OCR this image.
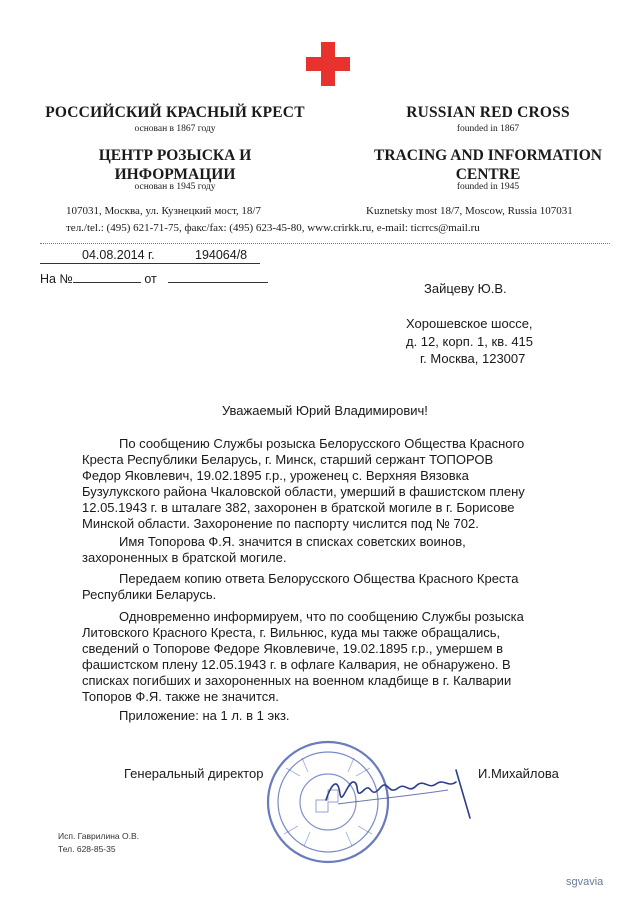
РОССИЙСКИЙ КРАСНЫЙ КРЕСТ
основан в 1867 году
ЦЕНТР РОЗЫСКА И
ИНФОРМАЦИИ
основан в 1945 году
107031, Москва, ул. Кузнецкий мост, 18/7
RUSSIAN RED CROSS
founded in 1867
TRACING AND INFORMATION
CENTRE
founded in 1945
Kuznetsky most 18/7, Moscow, Russia 107031
тел./tel.: (495) 621-71-75, факс/fax: (495) 623-45-80, www.crirkk.ru, e-mail: ticrrcs@mail.ru
04.08.2014 г.	194064/8
На №	от
Зайцеву Ю.В.
Хорошевское шоссе,
д. 12, корп. 1, кв. 415
г. Москва, 123007
Уважаемый Юрий Владимирович!
По сообщению Службы розыска Белорусского Общества Красного
Креста Республики Беларусь, г. Минск, старший сержант ТОПОРОВ
Федор Яковлевич, 19.02.1895 г.р., уроженец с. Верхняя Вязовка
Бузулукского района Чкаловской области, умерший в фашистском плену
12.05.1943 г. в шталаге 382, захоронен в братской могиле в г. Борисове
Минской области. Захоронение по паспорту числится под № 702.
Имя Топорова Ф.Я. значится в списках советских воинов,
захороненных в братской могиле.
Передаем копию ответа Белорусского Общества Красного Креста
Республики Беларусь.
Одновременно информируем, что по сообщению Службы розыска
Литовского Красного Креста, г. Вильнюс, куда мы также обращались,
сведений о Топорове Федоре Яковлевиче, 19.02.1895 г.р., умершем в
фашистском плену 12.05.1943 г. в офлаге Калвария, не обнаружено. В
списках погибших и захороненных на военном кладбище в г. Калварии
Топоров Ф.Я. также не значится.
Приложение: на 1 л. в 1 экз.
Генеральный директор	И.Михайлова
Исп. Гаврилина О.В.
Тел. 628-85-35
sgvavia
